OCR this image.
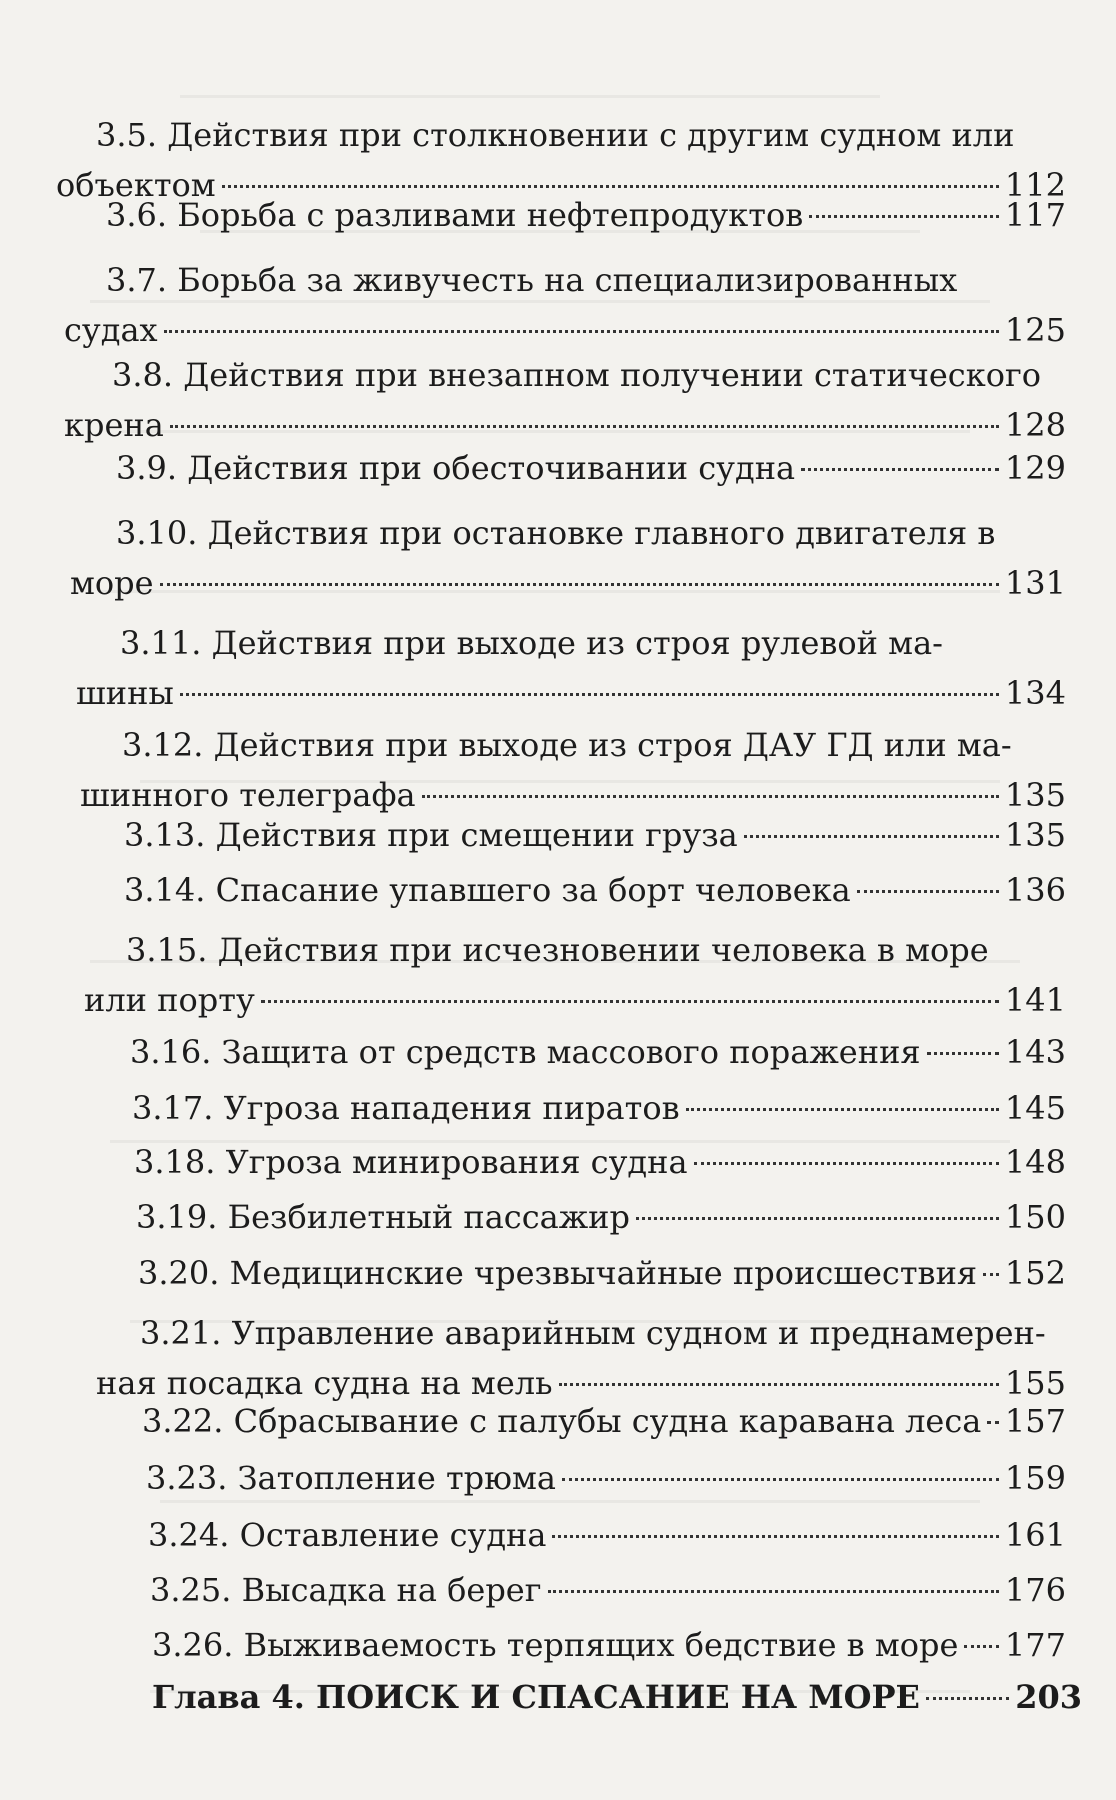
3.5. Действия при столкновении с другим судном или
объектом	112
3.6. Борьба с разливами нефтепродуктов	117
3.7. Борьба за живучесть на специализированных
судах	125
3.8. Действия при внезапном получении статического
крена	128
3.9. Действия при обесточивании судна	129
3.10. Действия при остановке главного двигателя в
море	131
3.11. Действия при выходе из строя рулевой ма-
шины	134
3.12. Действия при выходе из строя ДАУ ГД или ма-
шинного телеграфа	135
3.13. Действия при смещении груза	135
3.14. Спасание упавшего за борт человека	136
3.15. Действия при исчезновении человека в море
или порту	141
3.16. Защита от средств массового поражения	143
3.17. Угроза нападения пиратов	145
3.18. Угроза минирования судна	148
3.19. Безбилетный пассажир	150
3.20. Медицинские чрезвычайные происшествия 152
3.21. Управление аварийным судном и преднамерен-
ная посадка судна на мель	155
3.22. Сбрасывание с палубы судна каравана леса 157
3.23. Затопление трюма	159
3.24. Оставление судна	161
3.25. Высадка на берег	176
3.26. Выживаемость терпящих бедствие в море 177
Глава 4. ПОИСК И СПАСАНИЕ НА МОРЕ	203
